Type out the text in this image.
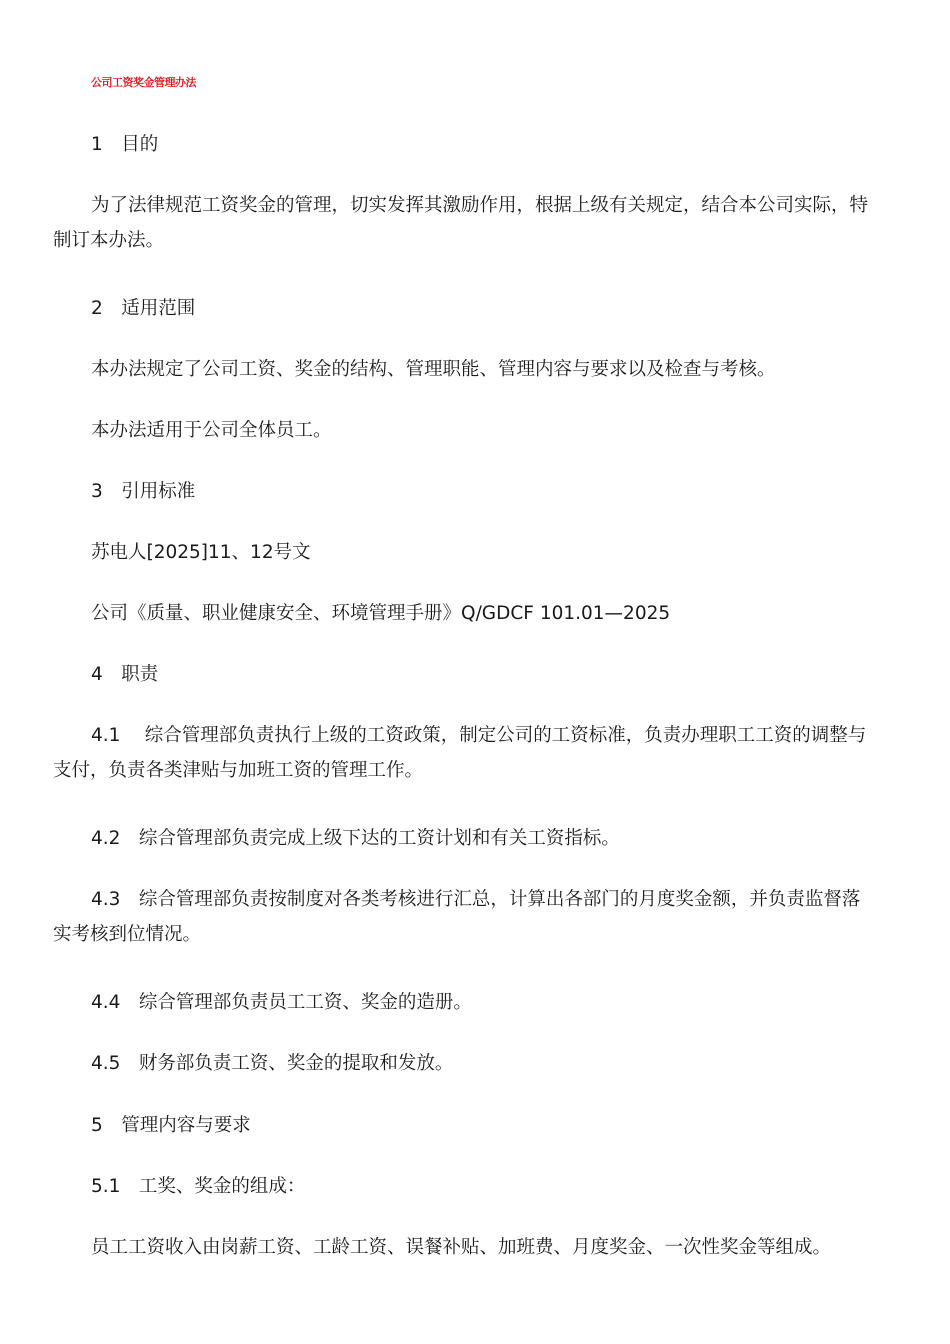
公司工资奖金管理办法
1　目的
为了法律规范工资奖金的管理，切实发挥其激励作用，根据上级有关规定，结合本公司实际，特
制订本办法。
2　适用范围
本办法规定了公司工资、奖金的结构、管理职能、管理内容与要求以及检查与考核。
本办法适用于公司全体员工。
3　引用标准
苏电人[2025]11、12号文
公司《质量、职业健康安全、环境管理手册》Q/GDCF 101.01—2025
4　职责
4.1　 综合管理部负责执行上级的工资政策，制定公司的工资标准，负责办理职工工资的调整与
支付，负责各类津贴与加班工资的管理工作。
4.2　综合管理部负责完成上级下达的工资计划和有关工资指标。
4.3　综合管理部负责按制度对各类考核进行汇总，计算出各部门的月度奖金额，并负责监督落
实考核到位情况。
4.4　综合管理部负责员工工资、奖金的造册。
4.5　财务部负责工资、奖金的提取和发放。
5　管理内容与要求
5.1　工奖、奖金的组成：
员工工资收入由岗薪工资、工龄工资、误餐补贴、加班费、月度奖金、一次性奖金等组成。
